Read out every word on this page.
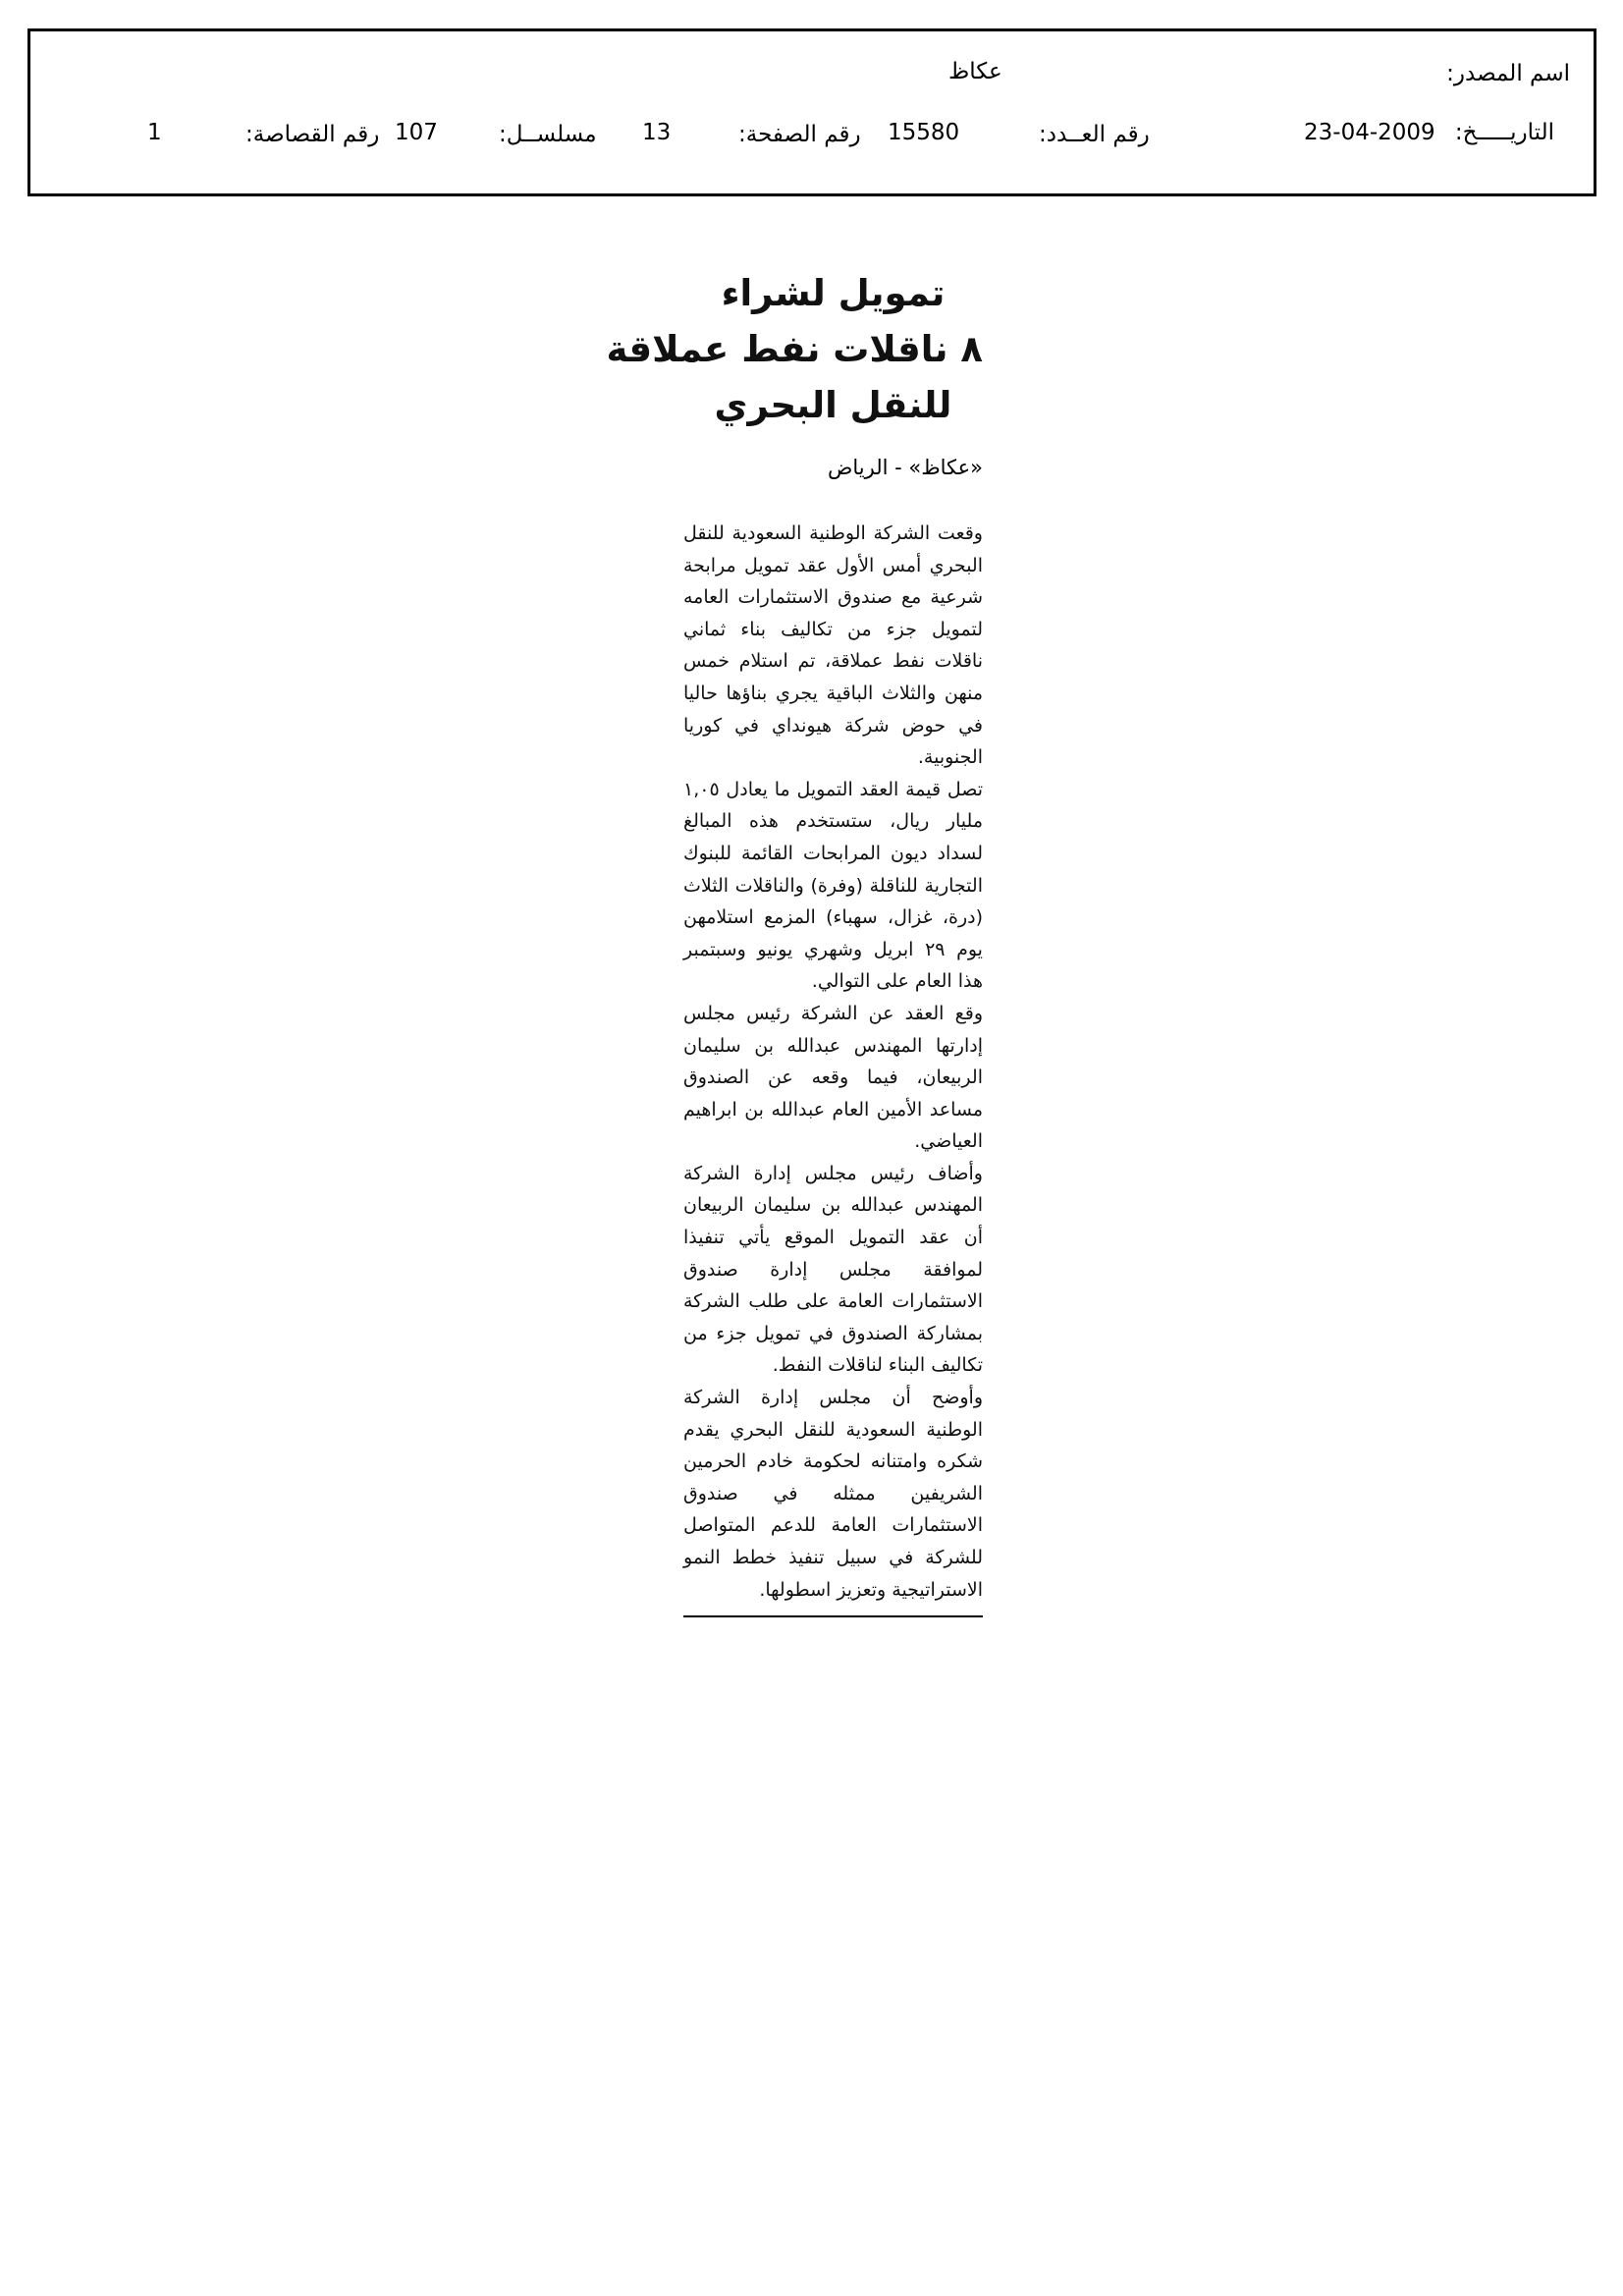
اسم المصدر:
عكاظ
التاريـــــخ:
23-04-2009
رقم العــدد:
15580
رقم الصفحة:
13
مسلســل:
107
رقم القصاصة:
1
تمويل لشراء
٨ ناقلات نفط عملاقة
للنقل البحري
«عكاظ» - الرياض

وقعت الشركة الوطنية السعودية للنقل البحري أمس الأول عقد تمويل مرابحة شرعية مع صندوق الاستثمارات العامه لتمويل جزء من تكاليف بناء ثماني ناقلات نفط عملاقة، تم استلام خمس منهن والثلاث الباقية يجري بناؤها حاليا في حوض شركة هيونداي في كوريا الجنوبية.

تصل قيمة العقد التمويل ما يعادل ١,٠٥ مليار ريال، ستستخدم هذه المبالغ لسداد ديون المرابحات القائمة للبنوك التجارية للناقلة (وفرة) والناقلات الثلاث (درة، غزال، سهباء) المزمع استلامهن يوم ٢٩ ابريل وشهري يونيو وسبتمبر هذا العام على التوالي.

وقع العقد عن الشركة رئيس مجلس إدارتها المهندس عبدالله بن سليمان الربيعان، فيما وقعه عن الصندوق مساعد الأمين العام عبدالله بن ابراهيم العياضي.

وأضاف رئيس مجلس إدارة الشركة المهندس عبدالله بن سليمان الربيعان أن عقد التمويل الموقع يأتي تنفيذا لموافقة مجلس إدارة صندوق الاستثمارات العامة على طلب الشركة بمشاركة الصندوق في تمويل جزء من تكاليف البناء لناقلات النفط.

وأوضح أن مجلس إدارة الشركة الوطنية السعودية للنقل البحري يقدم شكره وامتنانه لحكومة خادم الحرمين الشريفين ممثله في صندوق الاستثمارات العامة للدعم المتواصل للشركة في سبيل تنفيذ خطط النمو الاستراتيجية وتعزيز اسطولها.
